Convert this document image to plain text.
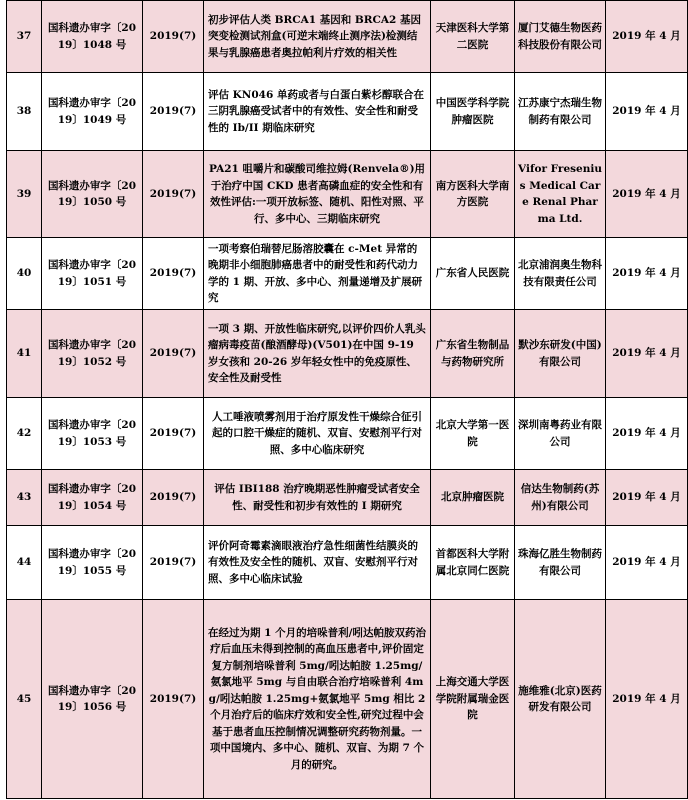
37	国科遗办审字〔2019〕1048 号	2019(7)	初步评估人类 BRCA1 基因和 BRCA2 基因突变检测试剂盒(可逆末端终止测序法)检测结果与乳腺癌患者奥拉帕利片疗效的相关性	天津医科大学第二医院	厦门艾德生物医药科技股份有限公司	2019 年 4 月
38	国科遗办审字〔2019〕1049 号	2019(7)	评估 KN046 单药或者与白蛋白紫杉醇联合在三阴乳腺癌受试者中的有效性、安全性和耐受性的 Ib/II 期临床研究	中国医学科学院肿瘤医院	江苏康宁杰瑞生物制药有限公司	2019 年 4 月
39	国科遗办审字〔2019〕1050 号	2019(7)	PA21 咀嚼片和碳酸司维拉姆(Renvela®)用于治疗中国 CKD 患者高磷血症的安全性和有效性评估:一项开放标签、随机、阳性对照、平行、多中心、三期临床研究	南方医科大学南方医院	Vifor Fresenius Medical Care Renal Pharma Ltd.	2019 年 4 月
40	国科遗办审字〔2019〕1051 号	2019(7)	一项考察伯瑞替尼肠溶胶囊在 c-Met 异常的晚期非小细胞肺癌患者中的耐受性和药代动力学的 1 期、开放、多中心、剂量递增及扩展研究	广东省人民医院	北京浦润奥生物科技有限责任公司	2019 年 4 月
41	国科遗办审字〔2019〕1052 号	2019(7)	一项 3 期、开放性临床研究,以评价四价人乳头瘤病毒疫苗(酿酒酵母)(V501)在中国 9-19 岁女孩和 20-26 岁年轻女性中的免疫原性、安全性及耐受性	广东省生物制品与药物研究所	默沙东研发(中国)有限公司	2019 年 4 月
42	国科遗办审字〔2019〕1053 号	2019(7)	人工唾液喷雾剂用于治疗原发性干燥综合征引起的口腔干燥症的随机、双盲、安慰剂平行对照、多中心临床研究	北京大学第一医院	深圳南粤药业有限公司	2019 年 4 月
43	国科遗办审字〔2019〕1054 号	2019(7)	评估 IBI188 治疗晚期恶性肿瘤受试者安全性、耐受性和初步有效性的 I 期研究	北京肿瘤医院	信达生物制药(苏州)有限公司	2019 年 4 月
44	国科遗办审字〔2019〕1055 号	2019(7)	评价阿奇霉素滴眼液治疗急性细菌性结膜炎的有效性及安全性的随机、双盲、安慰剂平行对照、多中心临床试验	首都医科大学附属北京同仁医院	珠海亿胜生物制药有限公司	2019 年 4 月
45	国科遗办审字〔2019〕1056 号	2019(7)	在经过为期 1 个月的培哚普利/吲达帕胺双药治疗后血压未得到控制的高血压患者中,评价固定复方制剂培哚普利 5mg/吲达帕胺 1.25mg/氨氯地平 5mg 与自由联合治疗培哚普利 4mg/吲达帕胺 1.25mg+氨氯地平 5mg 相比 2 个月治疗后的临床疗效和安全性,研究过程中会基于患者血压控制情况调整研究药物剂量。一项中国境内、多中心、随机、双盲、为期 7 个月的研究。	上海交通大学医学院附属瑞金医院	施维雅(北京)医药研发有限公司	2019 年 4 月
